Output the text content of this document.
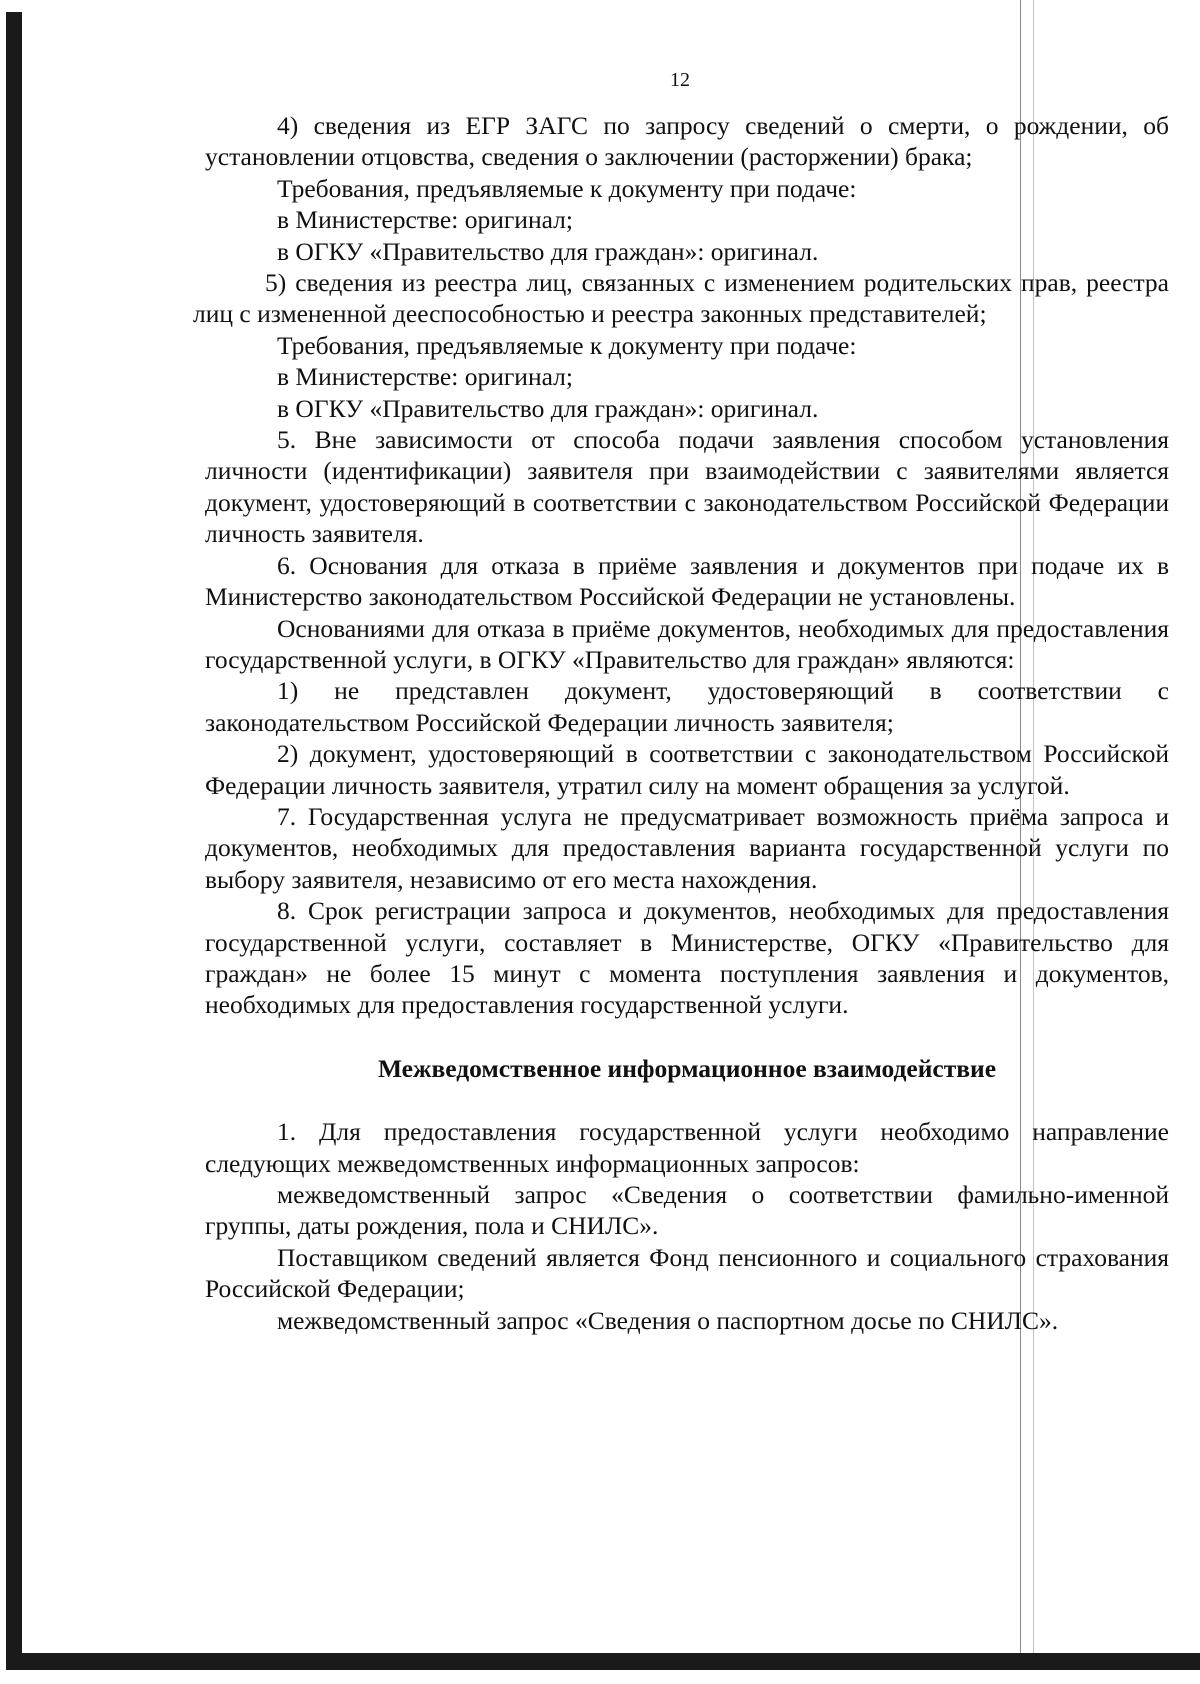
12

4) сведения из ЕГР ЗАГС по запросу сведений о смерти, о рождении, об установлении отцовства, сведения о заключении (расторжении) брака;

Требования, предъявляемые к документу при подаче:

в Министерстве: оригинал;

в ОГКУ «Правительство для граждан»: оригинал.

5) сведения из реестра лиц, связанных с изменением родительских прав, реестра лиц с измененной дееспособностью и реестра законных представителей;

Требования, предъявляемые к документу при подаче:

в Министерстве: оригинал;

в ОГКУ «Правительство для граждан»: оригинал.

5. Вне зависимости от способа подачи заявления способом установления личности (идентификации) заявителя при взаимодействии с заявителями является документ, удостоверяющий в соответствии с законодательством Российской Федерации личность заявителя.

6. Основания для отказа в приёме заявления и документов при подаче их в Министерство законодательством Российской Федерации не установлены.

Основаниями для отказа в приёме документов, необходимых для предоставления государственной услуги, в ОГКУ «Правительство для граждан» являются:

1) не представлен документ, удостоверяющий в соответствии с законодательством Российской Федерации личность заявителя;

2) документ, удостоверяющий в соответствии с законодательством Российской Федерации личность заявителя, утратил силу на момент обращения за услугой.

7. Государственная услуга не предусматривает возможность приёма запроса и документов, необходимых для предоставления варианта государственной услуги по выбору заявителя, независимо от его места нахождения.

8. Срок регистрации запроса и документов, необходимых для предоставления государственной услуги, составляет в Министерстве, ОГКУ «Правительство для граждан» не более 15 минут с момента поступления заявления и документов, необходимых для предоставления государственной услуги.

Межведомственное информационное взаимодействие

1. Для предоставления государственной услуги необходимо направление следующих межведомственных информационных запросов:

межведомственный запрос «Сведения о соответствии фамильно-именной группы, даты рождения, пола и СНИЛС».

Поставщиком сведений является Фонд пенсионного и социального страхования Российской Федерации;

межведомственный запрос «Сведения о паспортном досье по СНИЛС».
